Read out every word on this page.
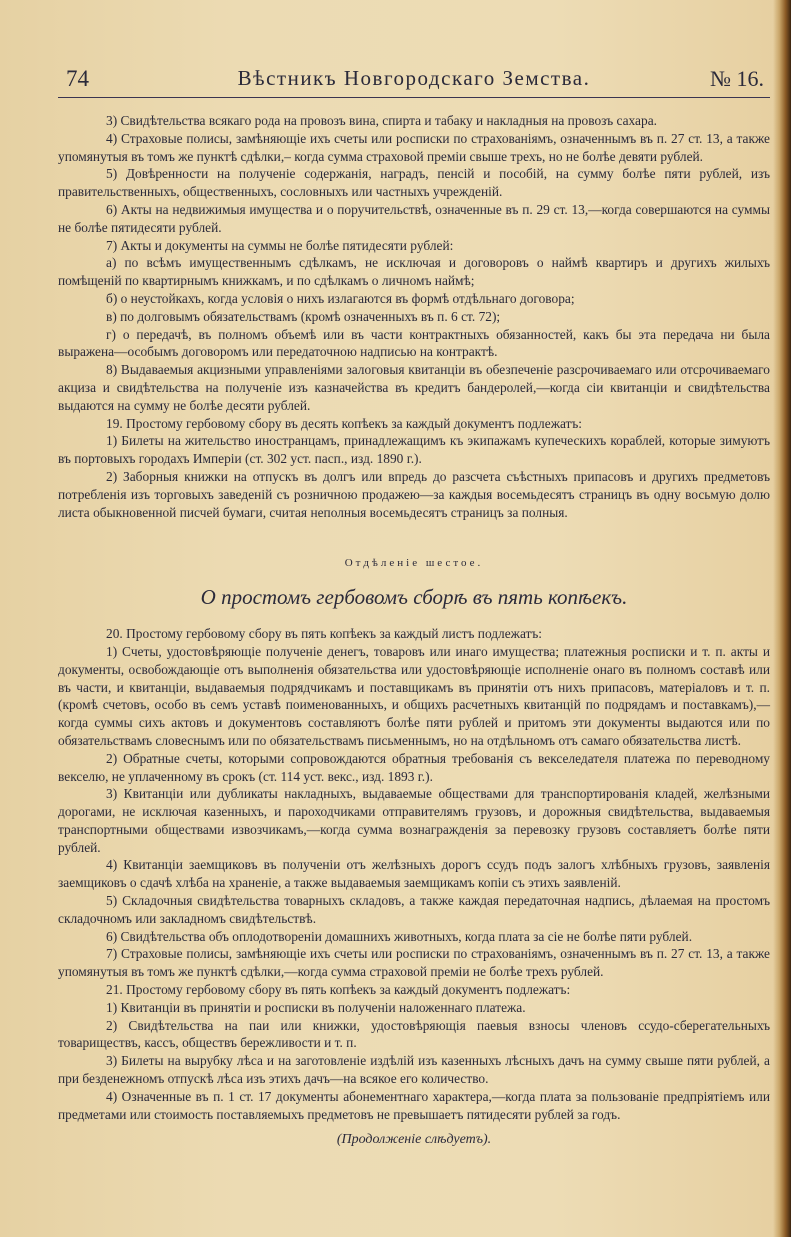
74	Вѣстникъ Новгородскаго Земства.	№ 16.

3) Свидѣтельства всякаго рода на провозъ вина, спирта и табаку и накладныя на провозъ сахара.

4) Страховые полисы, замѣняющіе ихъ счеты или росписки по страхованіямъ, означеннымъ въ п. 27 ст. 13, а также упомянутыя въ томъ же пунктѣ сдѣлки,– когда сумма страховой преміи свыше трехъ, но не болѣе девяти рублей.

5) Довѣренности на полученіе содержанія, наградъ, пенсій и пособій, на сумму болѣе пяти рублей, изъ правительственныхъ, общественныхъ, сословныхъ или частныхъ учрежденій.

6) Акты на недвижимыя имущества и о поручительствѣ, означенные въ п. 29 ст. 13,—когда совершаются на суммы не болѣе пятидесяти рублей.

7) Акты и документы на суммы не болѣе пятидесяти рублей:

а) по всѣмъ имущественнымъ сдѣлкамъ, не исключая и договоровъ о наймѣ квартиръ и другихъ жилыхъ помѣщеній по квартирнымъ книжкамъ, и по сдѣлкамъ о личномъ наймѣ;

б) о неустойкахъ, когда условія о нихъ излагаются въ формѣ отдѣльнаго договора;

в) по долговымъ обязательствамъ (кромѣ означенныхъ въ п. 6 ст. 72);

г) о передачѣ, въ полномъ объемѣ или въ части контрактныхъ обязанностей, какъ бы эта передача ни была выражена—особымъ договоромъ или передаточною надписью на контрактѣ.

8) Выдаваемыя акцизными управленіями залоговыя квитанціи въ обезпеченіе разсрочиваемаго или отсрочиваемаго акциза и свидѣтельства на полученіе изъ казначейства въ кредитъ бандеролей,—когда сіи квитанціи и свидѣтельства выдаются на сумму не болѣе десяти рублей.

19. Простому гербовому сбору въ десять копѣекъ за каждый документъ подлежатъ:

1) Билеты на жительство иностранцамъ, принадлежащимъ къ экипажамъ купеческихъ кораблей, которые зимуютъ въ портовыхъ городахъ Имперіи (ст. 302 уст. пасп., изд. 1890 г.).

2) Заборныя книжки на отпускъ въ долгъ или впредь до разсчета съѣстныхъ припасовъ и другихъ предметовъ потребленія изъ торговыхъ заведеній съ розничною продажею—за каждыя восемьдесятъ страницъ въ одну восьмую долю листа обыкновенной писчей бумаги, считая неполныя восемьдесятъ страницъ за полныя.

Отдѣленіе шестое.

О простомъ гербовомъ сборѣ въ пять копѣекъ.

20. Простому гербовому сбору въ пять копѣекъ за каждый листъ подлежатъ:

1) Счеты, удостовѣряющіе полученіе денегъ, товаровъ или инаго имущества; платежныя росписки и т. п. акты и документы, освобождающіе отъ выполненія обязательства или удостовѣряющіе исполненіе онаго въ полномъ составѣ или въ части, и квитанціи, выдаваемыя подрядчикамъ и поставщикамъ въ принятіи отъ нихъ припасовъ, матеріаловъ и т. п. (кромѣ счетовъ, особо въ семъ уставѣ поименованныхъ, и общихъ расчетныхъ квитанцій по подрядамъ и поставкамъ),—когда суммы сихъ актовъ и документовъ составляютъ болѣе пяти рублей и притомъ эти документы выдаются или по обязательствамъ словеснымъ или по обязательствамъ письменнымъ, но на отдѣльномъ отъ самаго обязательства листѣ.

2) Обратные счеты, которыми сопровождаются обратныя требованія съ векселедателя платежа по переводному векселю, не уплаченному въ срокъ (ст. 114 уст. векс., изд. 1893 г.).

3) Квитанціи или дубликаты накладныхъ, выдаваемые обществами для транспортированія кладей, желѣзными дорогами, не исключая казенныхъ, и пароходчиками отправителямъ грузовъ, и дорожныя свидѣтельства, выдаваемыя транспортными обществами извозчикамъ,—когда сумма вознагражденія за перевозку грузовъ составляетъ болѣе пяти рублей.

4) Квитанціи заемщиковъ въ полученіи отъ желѣзныхъ дорогъ ссудъ подъ залогъ хлѣбныхъ грузовъ, заявленія заемщиковъ о сдачѣ хлѣба на храненіе, а также выдаваемыя заемщикамъ копіи съ этихъ заявленій.

5) Складочныя свидѣтельства товарныхъ складовъ, а также каждая передаточная надпись, дѣлаемая на простомъ складочномъ или закладномъ свидѣтельствѣ.

6) Свидѣтельства объ оплодотвореніи домашнихъ животныхъ, когда плата за сіе не болѣе пяти рублей.

7) Страховые полисы, замѣняющіе ихъ счеты или росписки по страхованіямъ, означеннымъ въ п. 27 ст. 13, а также упомянутыя въ томъ же пунктѣ сдѣлки,—когда сумма страховой преміи не болѣе трехъ рублей.

21. Простому гербовому сбору въ пять копѣекъ за каждый документъ подлежатъ:

1) Квитанціи въ принятіи и росписки въ полученіи наложеннаго платежа.

2) Свидѣтельства на паи или книжки, удостовѣряющія паевыя взносы членовъ ссудо-сберегательныхъ товариществъ, кассъ, обществъ бережливости и т. п.

3) Билеты на вырубку лѣса и на заготовленіе издѣлій изъ казенныхъ лѣсныхъ дачъ на сумму свыше пяти рублей, а при безденежномъ отпускѣ лѣса изъ этихъ дачъ—на всякое его количество.

4) Означенные въ п. 1 ст. 17 документы абонементнаго характера,—когда плата за пользованіе предпріятіемъ или предметами или стоимость поставляемыхъ предметовъ не превышаетъ пятидесяти рублей за годъ.

(Продолженіе слѣдуетъ).
